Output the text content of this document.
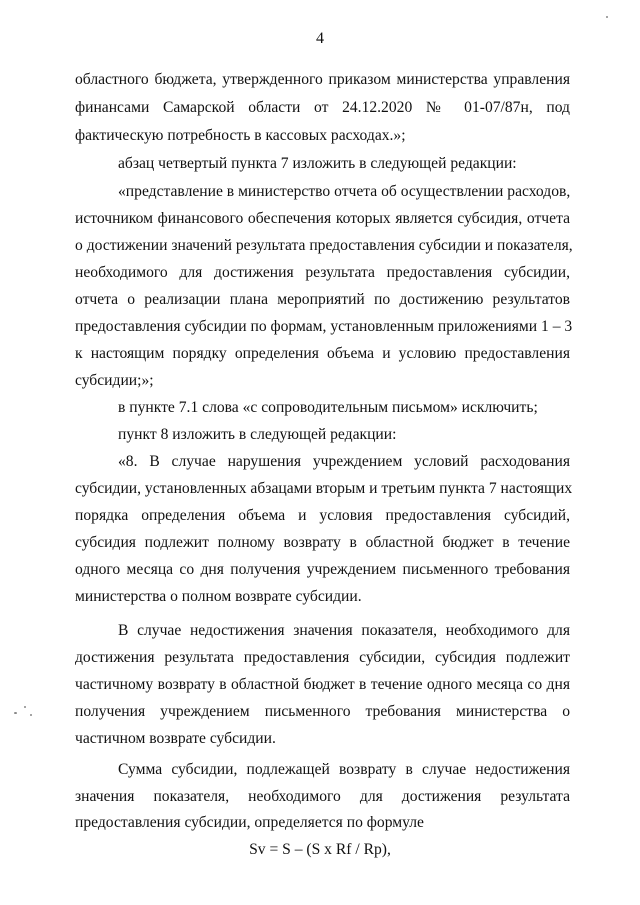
4
областного бюджета, утвержденного приказом министерства управления
финансами Самарской области от 24.12.2020 № 01-07/87н, под
фактическую потребность в кассовых расходах.»;
абзац четвертый пункта 7 изложить в следующей редакции:
«представление в министерство отчета об осуществлении расходов,
источником финансового обеспечения которых является субсидия, отчета
о достижении значений результата предоставления субсидии и показателя,
необходимого для достижения результата предоставления субсидии,
отчета о реализации плана мероприятий по достижению результатов
предоставления субсидии по формам, установленным приложениями 1 – 3
к настоящим порядку определения объема и условию предоставления
субсидии;»;
в пункте 7.1 слова «с сопроводительным письмом» исключить;
пункт 8 изложить в следующей редакции:
«8. В случае нарушения учреждением условий расходования
субсидии, установленных абзацами вторым и третьим пункта 7 настоящих
порядка определения объема и условия предоставления субсидий,
субсидия подлежит полному возврату в областной бюджет в течение
одного месяца со дня получения учреждением письменного требования
министерства о полном возврате субсидии.
В случае недостижения значения показателя, необходимого для
достижения результата предоставления субсидии, субсидия подлежит
частичному возврату в областной бюджет в течение одного месяца со дня
получения учреждением письменного требования министерства о
частичном возврате субсидии.
Сумма субсидии, подлежащей возврату в случае недостижения
значения показателя, необходимого для достижения результата
предоставления субсидии, определяется по формуле
Sv = S – (S x Rf / Rp),
